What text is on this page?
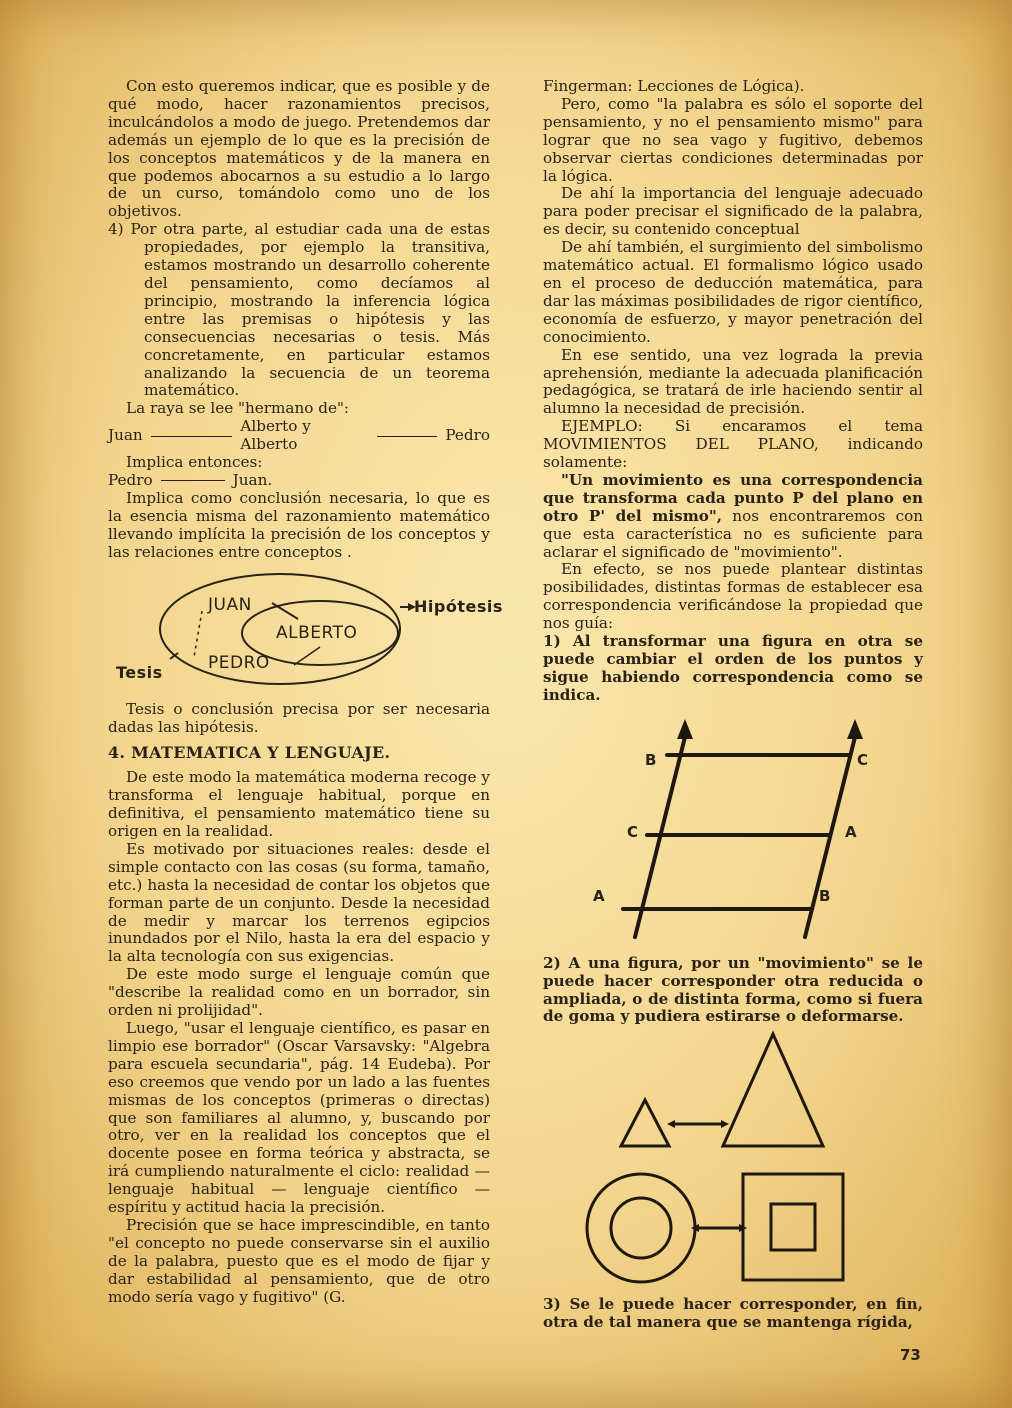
Con esto queremos indicar, que es posible y de qué modo, hacer razonamientos precisos, inculcándolos a modo de juego. Pretendemos dar además un ejemplo de lo que es la precisión de los conceptos matemáticos y de la manera en que podemos abocarnos a su estudio a lo largo de un curso, tomándolo como uno de los objetivos.

4) Por otra parte, al estudiar cada una de estas propiedades, por ejemplo la transitiva, estamos mostrando un desarrollo coherente del pensamiento, como decíamos al principio, mostrando la inferencia lógica entre las premisas o hipótesis y las consecuencias necesarias o tesis. Más concretamente, en particular estamos analizando la secuencia de un teorema matemático.

La raya se lee "hermano de":

Juan	Alberto y Alberto	Pedro

Implica entonces:

Pedro	Juan.

Implica como conclusión necesaria, lo que es la esencia misma del razonamiento matemático llevando implícita la precisión de los conceptos y las relaciones entre conceptos .

JUAN
ALBERTO
PEDRO
Hipótesis
Tesis

Tesis o conclusión precisa por ser necesaria dadas las hipótesis.

4. MATEMATICA Y LENGUAJE.

De este modo la matemática moderna recoge y transforma el lenguaje habitual, porque en definitiva, el pensamiento matemático tiene su origen en la realidad.

Es motivado por situaciones reales: desde el simple contacto con las cosas (su forma, tamaño, etc.) hasta la necesidad de contar los objetos que forman parte de un conjunto. Desde la necesidad de medir y marcar los terrenos egipcios inundados por el Nilo, hasta la era del espacio y la alta tecnología con sus exigencias.

De este modo surge el lenguaje común que "describe la realidad como en un borrador, sin orden ni prolijidad".

Luego, "usar el lenguaje científico, es pasar en limpio ese borrador" (Oscar Varsavsky: "Algebra para escuela secundaria", pág. 14 Eudeba). Por eso creemos que vendo por un lado a las fuentes mismas de los conceptos (primeras o directas) que son familiares al alumno, y, buscando por otro, ver en la realidad los conceptos que el docente posee en forma teórica y abstracta, se irá cumpliendo naturalmente el ciclo: realidad — lenguaje habitual — lenguaje científico — espíritu y actitud hacia la precisión.

Precisión que se hace imprescindible, en tanto "el concepto no puede conservarse sin el auxilio de la palabra, puesto que es el modo de fijar y dar estabilidad al pensamiento, que de otro modo sería vago y fugitivo" (G.

Fingerman: Lecciones de Lógica).

Pero, como "la palabra es sólo el soporte del pensamiento, y no el pensamiento mismo" para lograr que no sea vago y fugitivo, debemos observar ciertas condiciones determinadas por la lógica.

De ahí la importancia del lenguaje adecuado para poder precisar el significado de la palabra, es decir, su contenido conceptual

De ahí también, el surgimiento del simbolismo matemático actual. El formalismo lógico usado en el proceso de deducción matemática, para dar las máximas posibilidades de rigor científico, economía de esfuerzo, y mayor penetración del conocimiento.

En ese sentido, una vez lograda la previa aprehensión, mediante la adecuada planificación pedagógica, se tratará de irle haciendo sentir al alumno la necesidad de precisión.

EJEMPLO: Si encaramos el tema MOVIMIENTOS DEL PLANO, indicando solamente:

"Un movimiento es una correspondencia que transforma cada punto P del plano en otro P' del mismo", nos encontraremos con que esta característica no es suficiente para aclarar el significado de "movimiento".

En efecto, se nos puede plantear distintas posibilidades, distintas formas de establecer esa correspondencia verificándose la propiedad que nos guía:

1) Al transformar una figura en otra se puede cambiar el orden de los puntos y sigue habiendo correspondencia como se indica.

B	C
C	A
A	B

2) A una figura, por un "movimiento" se le puede hacer corresponder otra reducida o ampliada, o de distinta forma, como si fuera de goma y pudiera estirarse o deformarse.

3) Se le puede hacer corresponder, en fin, otra de tal manera que se mantenga rígida,

73
